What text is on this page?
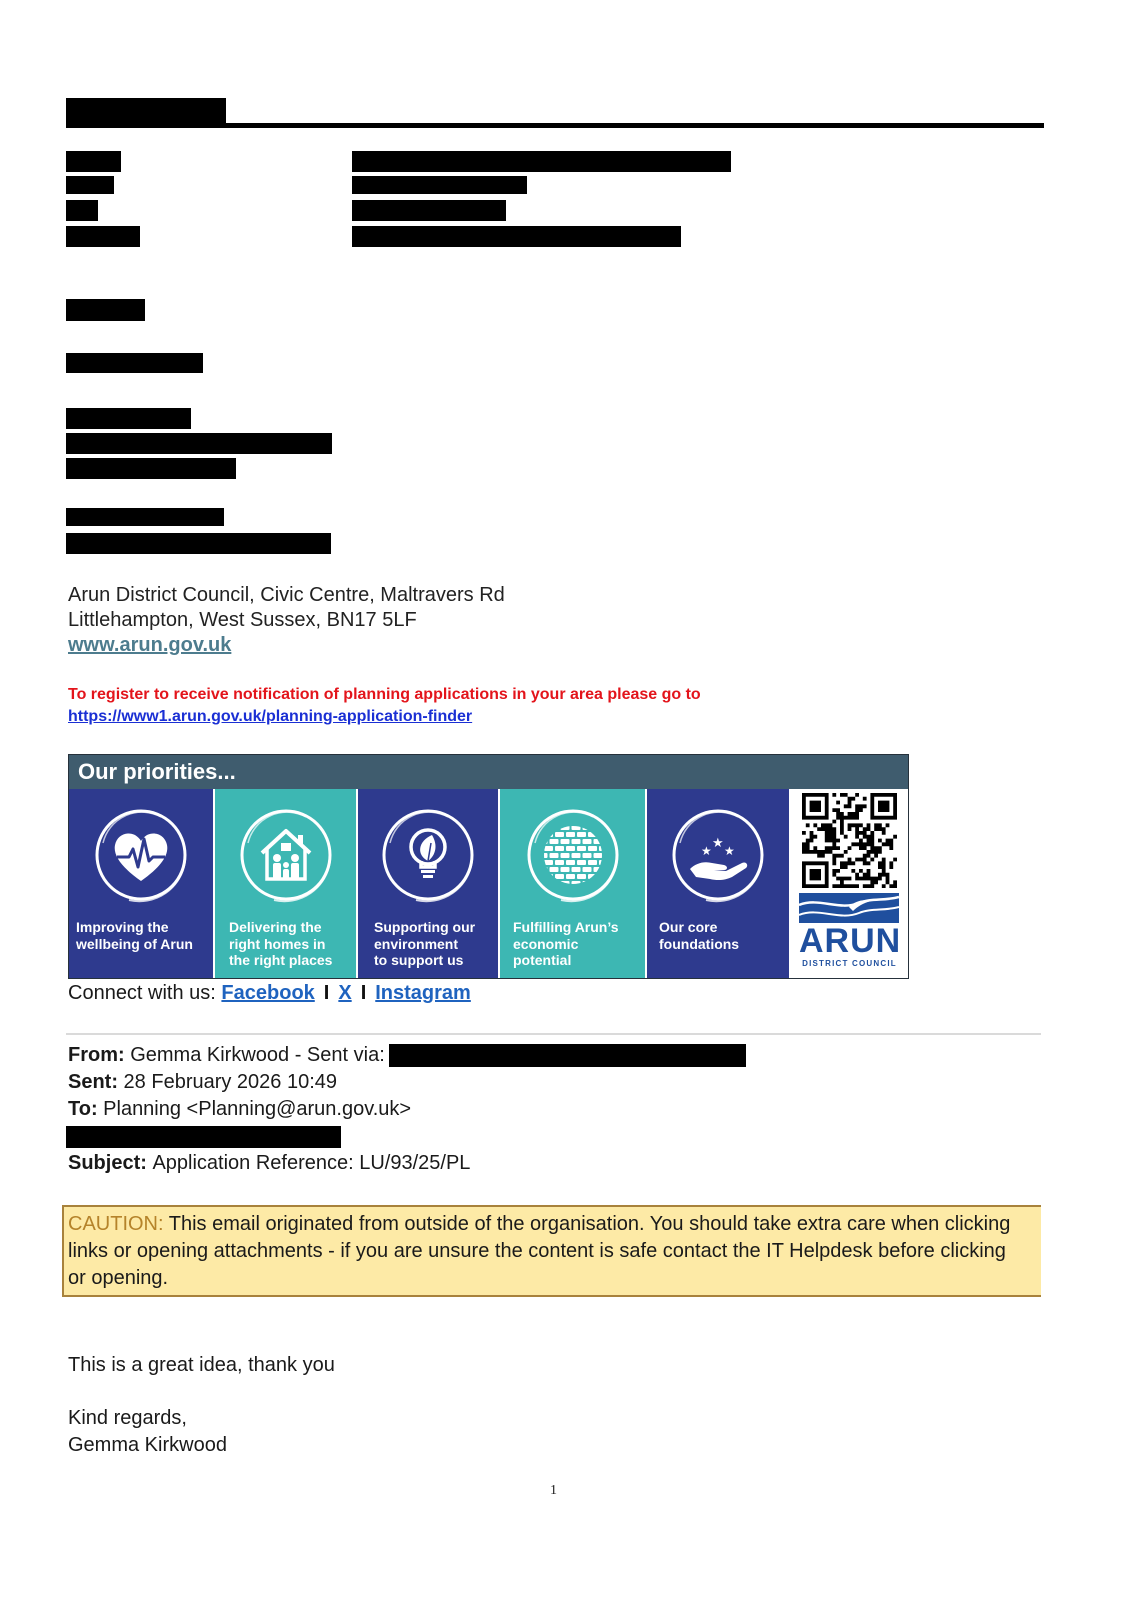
Arun District Council, Civic Centre, Maltravers Rd
Littlehampton, West Sussex, BN17 5LF
www.arun.gov.uk
To register to receive notification of planning applications in your area please go to
https://www1.arun.gov.uk/planning-application-finder
Our priorities...
Improving the
wellbeing of Arun
Delivering the
right homes in
the right places
Supporting our
environment
to support us
Fulfilling Arun’s
economic
potential
★ ★ ★
Our core
foundations ARUN
DISTRICT COUNCIL
Connect with us: Facebook I X I Instagram
From: Gemma Kirkwood - Sent via:
Sent: 28 February 2026 10:49
To: Planning <Planning@arun.gov.uk>
Subject: Application Reference: LU/93/25/PL
CAUTION: This email originated from outside of the organisation. You should take extra care when clicking links or opening attachments - if you are unsure the content is safe contact the IT Helpdesk before clicking or opening.
This is a great idea, thank you
Kind regards,
Gemma Kirkwood
1
